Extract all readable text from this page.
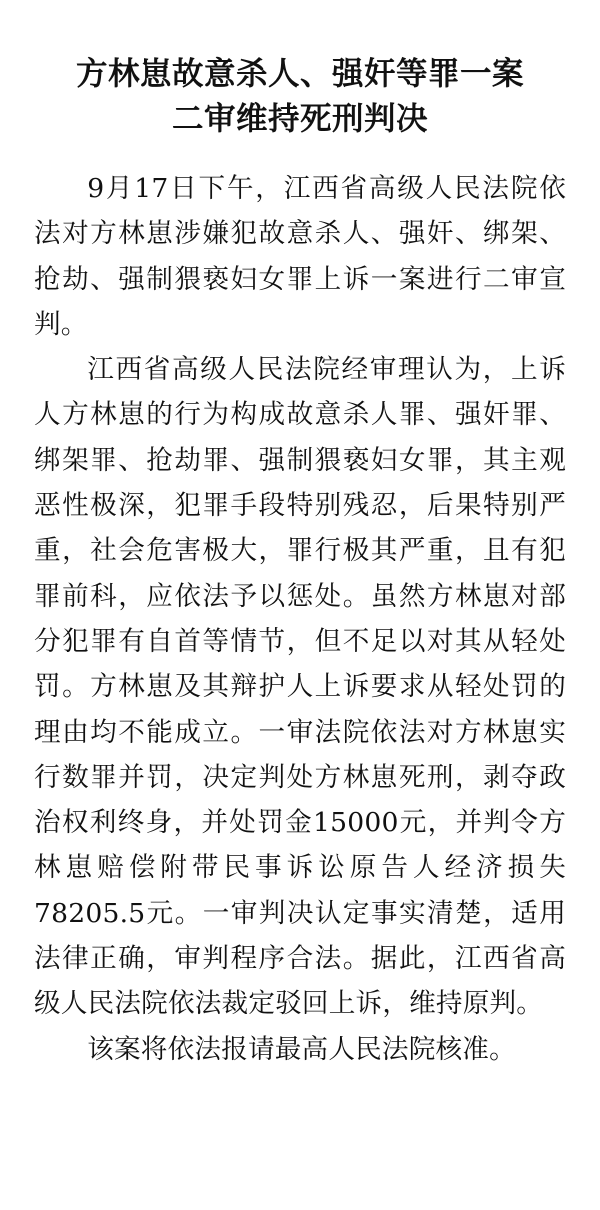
方林崽故意杀人、强奸等罪一案
二审维持死刑判决

9月17日下午，江西省高级人民法院依法对方林崽涉嫌犯故意杀人、强奸、绑架、抢劫、强制猥亵妇女罪上诉一案进行二审宣判。

江西省高级人民法院经审理认为，上诉人方林崽的行为构成故意杀人罪、强奸罪、绑架罪、抢劫罪、强制猥亵妇女罪，其主观恶性极深，犯罪手段特别残忍，后果特别严重，社会危害极大，罪行极其严重，且有犯罪前科，应依法予以惩处。虽然方林崽对部分犯罪有自首等情节，但不足以对其从轻处罚。方林崽及其辩护人上诉要求从轻处罚的理由均不能成立。一审法院依法对方林崽实行数罪并罚，决定判处方林崽死刑，剥夺政治权利终身，并处罚金15000元，并判令方林崽赔偿附带民事诉讼原告人经济损失78205.5元。一审判决认定事实清楚，适用法律正确，审判程序合法。据此，江西省高级人民法院依法裁定驳回上诉，维持原判。

该案将依法报请最高人民法院核准。
